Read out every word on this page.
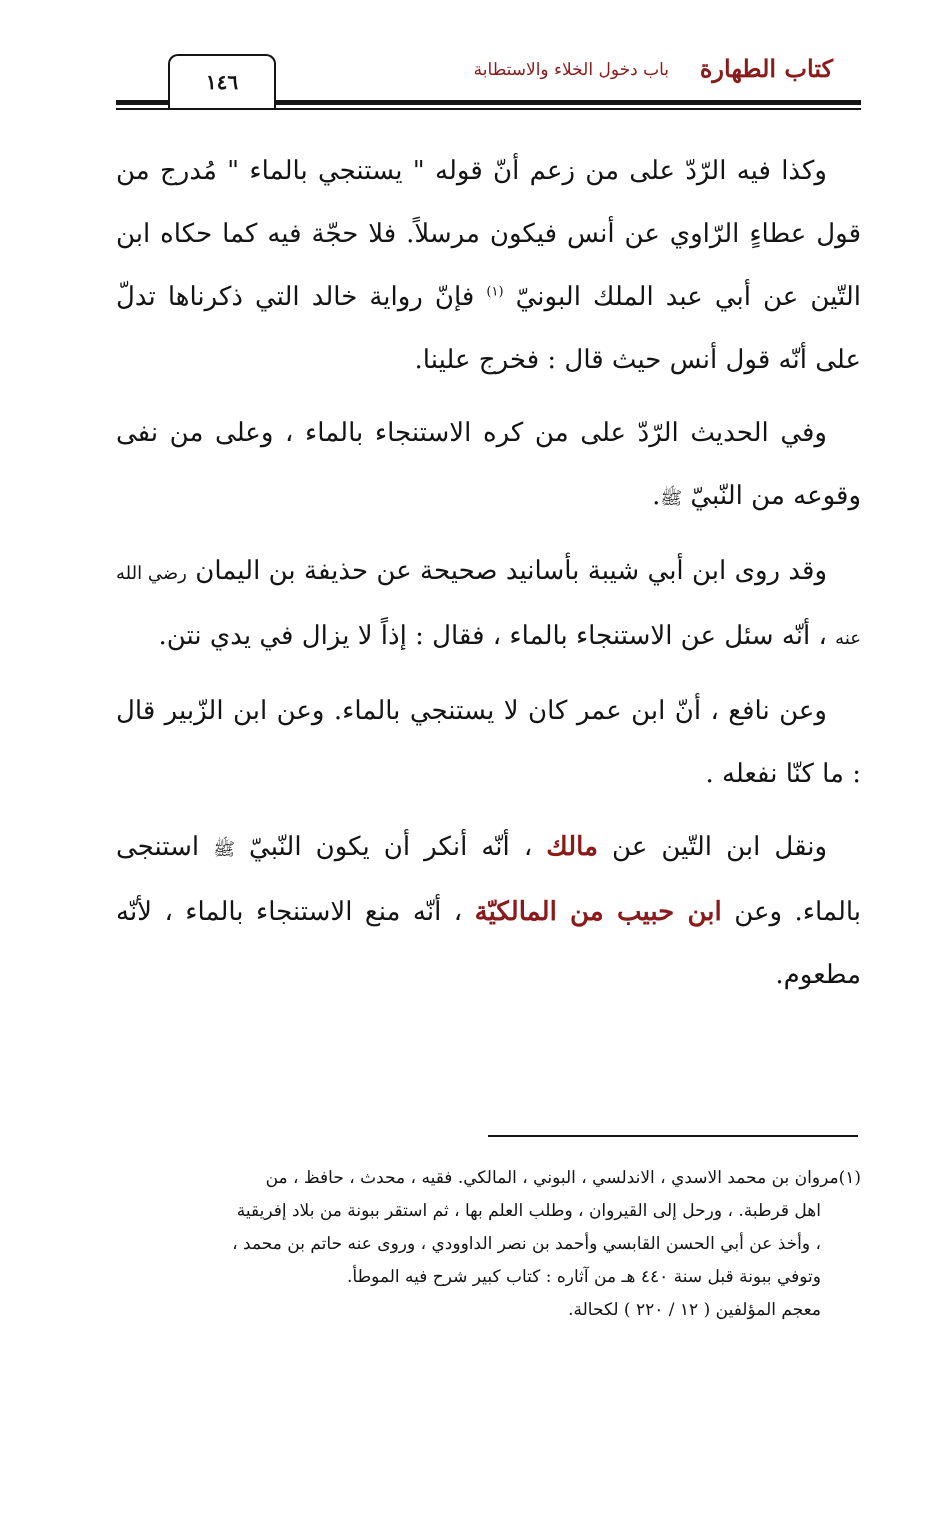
كتاب الطهارة
باب دخول الخلاء والاستطابة
١٤٦

وكذا فيه الرّدّ على من زعم أنّ قوله " يستنجي بالماء " مُدرج من قول عطاءٍ الرّاوي عن أنس فيكون مرسلاً. فلا حجّة فيه كما حكاه ابن التّين عن أبي عبد الملك البونيّ $^{(١)}$ فإنّ رواية خالد التي ذكرناها تدلّ على أنّه قول أنس حيث قال : فخرج علينا.

وفي الحديث الرّدّ على من كره الاستنجاء بالماء ، وعلى من نفى وقوعه من النّبيّ ﷺ.

وقد روى ابن أبي شيبة بأسانيد صحيحة عن حذيفة بن اليمان رضي الله عنه ، أنّه سئل عن الاستنجاء بالماء ، فقال : إذاً لا يزال في يدي نتن.

وعن نافع ، أنّ ابن عمر كان لا يستنجي بالماء. وعن ابن الزّبير قال : ما كنّا نفعله .

ونقل ابن التّين عن مالك ، أنّه أنكر أن يكون النّبيّ ﷺ استنجى بالماء. وعن ابن حبيب من المالكيّة ، أنّه منع الاستنجاء بالماء ، لأنّه مطعوم.

(١)مروان بن محمد الاسدي ، الاندلسي ، البوني ، المالكي. فقيه ، محدث ، حافظ ، من

اهل قرطبة. ، ورحل إلى القيروان ، وطلب العلم بها ، ثم استقر ببونة من بلاد إفريقية

، وأخذ عن أبي الحسن القابسي وأحمد بن نصر الداوودي ، وروى عنه حاتم بن محمد ،

وتوفي ببونة قبل سنة ٤٤٠ هـ من آثاره : كتاب كبير شرح فيه الموطأ.

معجم المؤلفين ( ١٢ / ٢٢٠ ) لكحالة.
